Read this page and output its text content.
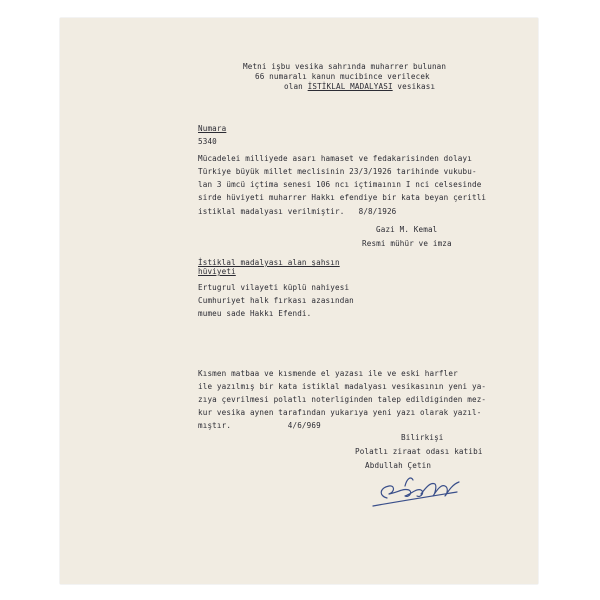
Metni işbu vesika sahrında muharrer bulunan
66 numaralı kanun mucibince verilecek
olan İSTİKLAL MADALYASI vesikası
Numara
5340
Mücadelei milliyede asarı hamaset ve fedakarisinden dolayı
Türkiye büyük millet meclisinin 23/3/1926 tarihinde vukubu-
lan 3 ümcü içtima senesi 106 ncı içtimaının I nci celsesinde
sirde hüviyeti muharrer Hakkı efendiye bir kata beyan çeritli
istiklal madalyası verilmiştir.   8/8/1926
Gazi M. Kemal
Resmi mühür ve imza
İstiklal madalyası alan şahsın
hüviyeti
Ertugrul vilayeti küplü nahiyesi
Cumhuriyet halk fırkası azasından
mumeu sade Hakkı Efendi.
Kısmen matbaa ve kısmende el yazası ile ve eski harfler
ile yazılmış bir kata istiklal madalyası vesikasının yeni ya-
zıya çevrilmesi polatlı noterliginden talep edildiginden mez-
kur vesika aynen tarafından yukarıya yeni yazı olarak yazıl-
mıştır.            4/6/969
Bilirkişi
Polatlı ziraat odası katibi
Abdullah Çetin
